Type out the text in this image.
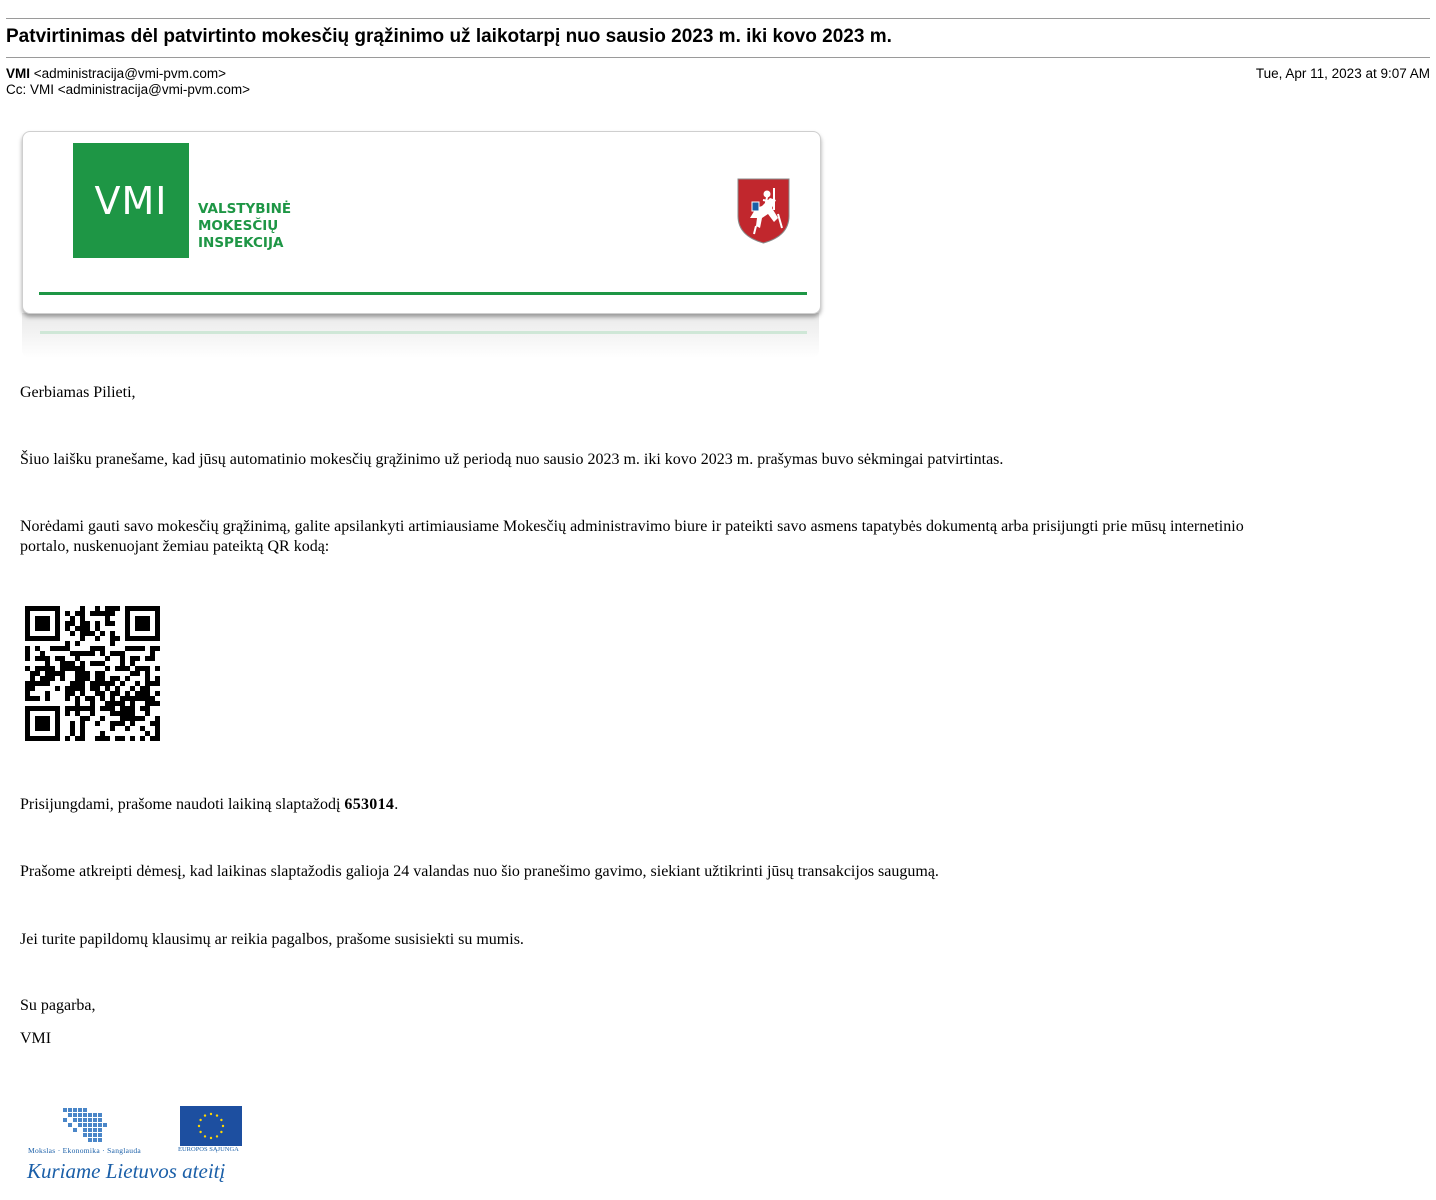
Patvirtinimas dėl patvirtinto mokesčių grąžinimo už laikotarpį nuo sausio 2023 m. iki kovo 2023 m.
VMI <administracija@vmi-pvm.com>
Cc: VMI <administracija@vmi-pvm.com>
Tue, Apr 11, 2023 at 9:07 AM
VMI VALSTYBINĖ
MOKESČIŲ
INSPEKCIJA
Gerbiamas Pilieti,
Šiuo laišku pranešame, kad jūsų automatinio mokesčių grąžinimo už periodą nuo sausio 2023 m. iki kovo 2023 m. prašymas buvo sėkmingai patvirtintas.
Norėdami gauti savo mokesčių grąžinimą, galite apsilankyti artimiausiame Mokesčių administravimo biure ir pateikti savo asmens tapatybės dokumentą arba prisijungti prie mūsų internetinio
portalo, nuskenuojant žemiau pateiktą QR kodą:
Prisijungdami, prašome naudoti laikiną slaptažodį 653014.
Prašome atkreipti dėmesį, kad laikinas slaptažodis galioja 24 valandas nuo šio pranešimo gavimo, siekiant užtikrinti jūsų transakcijos saugumą.
Jei turite papildomų klausimų ar reikia pagalbos, prašome susisiekti su mumis.
Su pagarba,
VMI
Mokslas · Ekonomika · Sanglauda	EUROPOS SĄJUNGA
Kuriame Lietuvos ateitį
